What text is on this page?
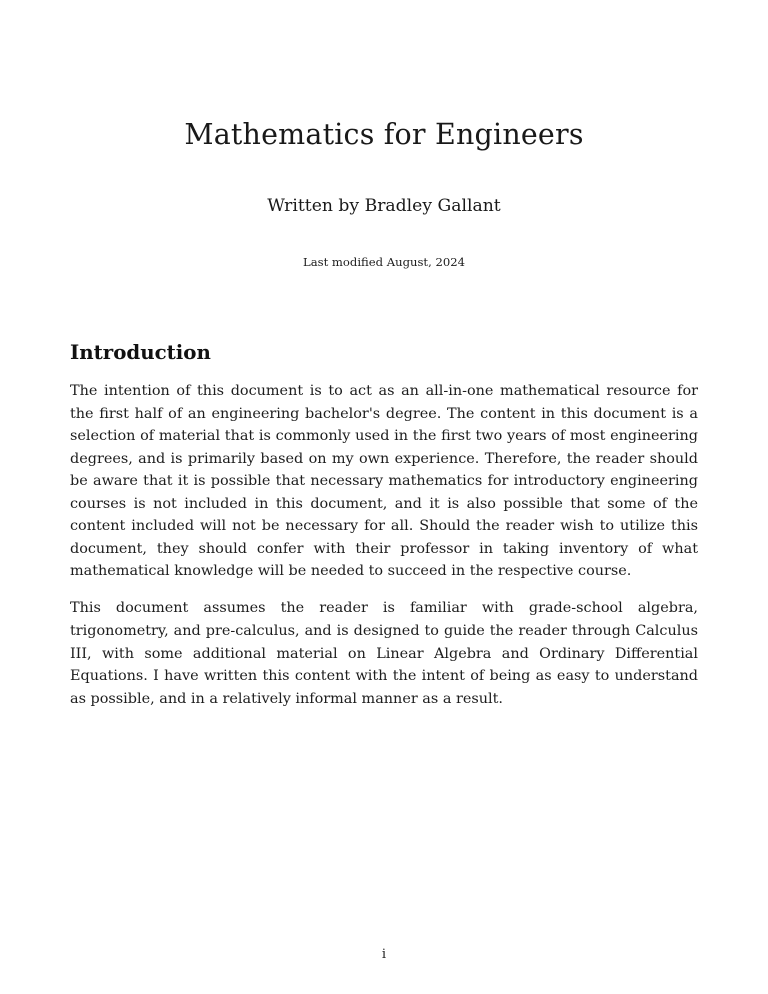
Mathematics for Engineers

Written by Bradley Gallant

Last modified August, 2024

Introduction

The intention of this document is to act as an all-in-one mathematical resource for the first half of an engineering bachelor's degree. The content in this document is a selection of material that is commonly used in the first two years of most engineering degrees, and is primarily based on my own experience. Therefore, the reader should be aware that it is possible that necessary mathematics for introductory engineering courses is not included in this document, and it is also possible that some of the content included will not be necessary for all. Should the reader wish to utilize this document, they should confer with their professor in taking inventory of what mathematical knowledge will be needed to succeed in the respective course.

This document assumes the reader is familiar with grade-school algebra, trigonometry, and pre-calculus, and is designed to guide the reader through Calculus III, with some additional material on Linear Algebra and Ordinary Differential Equations. I have written this content with the intent of being as easy to understand as possible, and in a relatively informal manner as a result.

i
